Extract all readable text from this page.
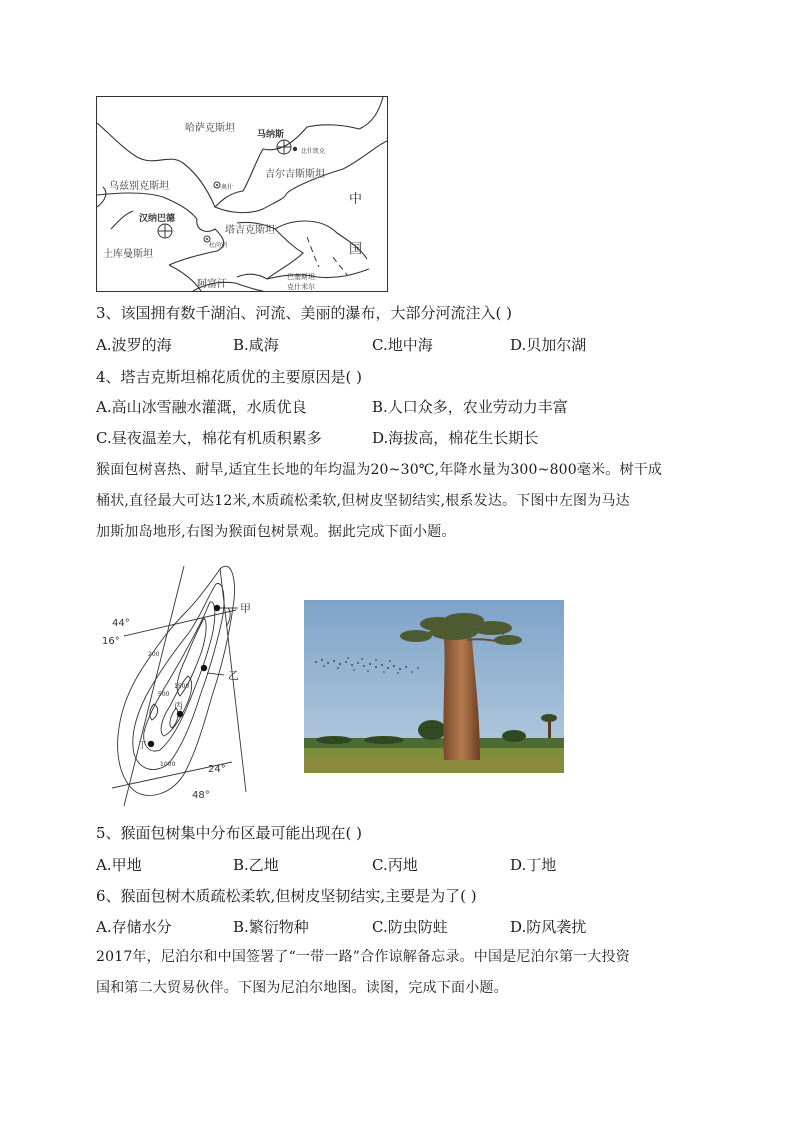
哈萨克斯坦
马纳斯
比什凯克
乌兹别克斯坦
吉尔吉斯斯坦
奥什
中
国
汉纳巴德
塔吉克斯坦
杜尚别
土库曼斯坦
阿富汗
巴基斯坦
克什米尔
3、该国拥有数千湖泊、河流、美丽的瀑布，大部分河流注入( )
A.波罗的海	B.咸海	C.地中海	D.贝加尔湖
4、塔吉克斯坦棉花质优的主要原因是( )
A.高山冰雪融水灌溉，水质优良	B.人口众多，农业劳动力丰富
C.昼夜温差大，棉花有机质积累多	D.海拔高，棉花生长期长
猴面包树喜热、耐旱,适宜生长地的年均温为20~30℃,年降水量为300~800毫米。树干成
桶状,直径最大可达12米,木质疏松柔软,但树皮坚韧结实,根系发达。下图中左图为马达
加斯加岛地形,右图为猴面包树景观。据此完成下面小题。
44°
16°
24°
48°
200
1500
500
1000
甲
乙
丙
丁
5、猴面包树集中分布区最可能出现在( )
A.甲地	B.乙地	C.丙地	D.丁地
6、猴面包树木质疏松柔软,但树皮坚韧结实,主要是为了( )
A.存储水分	B.繁衍物种	C.防虫防蛀	D.防风袭扰
2017年，尼泊尔和中国签署了“一带一路”合作谅解备忘录。中国是尼泊尔第一大投资
国和第二大贸易伙伴。下图为尼泊尔地图。读图，完成下面小题。
